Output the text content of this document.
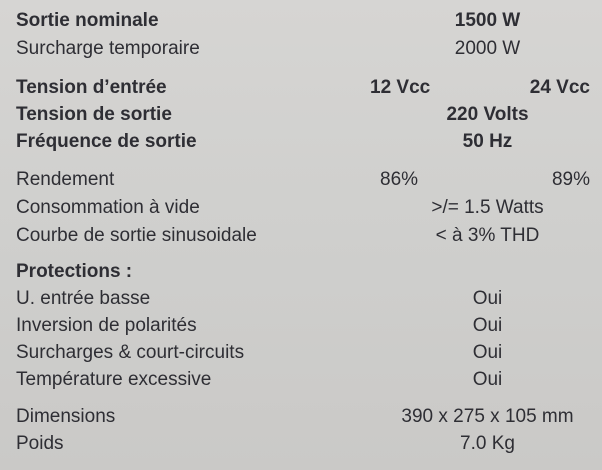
Sortie nominale	1500 W
Surcharge temporaire	2000 W
Tension d’entrée	12 Vcc	24 Vcc
Tension de sortie	220 Volts
Fréquence de sortie	50 Hz
Rendement	86%	89%
Consommation à vide	>/= 1.5 Watts
Courbe de sortie sinusoidale	< à 3% THD
Protections :
U. entrée basse	Oui
Inversion de polarités	Oui
Surcharges & court-circuits	Oui
Température excessive	Oui
Dimensions	390 x 275 x 105 mm
Poids	7.0 Kg
